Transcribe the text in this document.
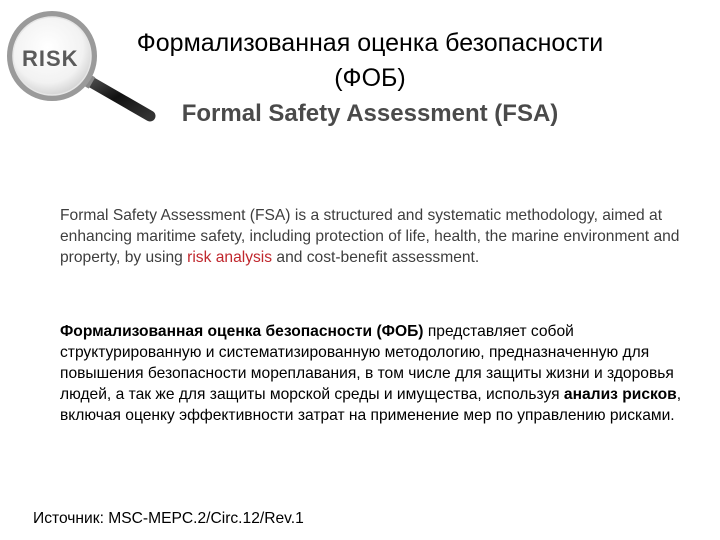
RISK
Формализованная оценка безопасности
(ФОБ)
Formal Safety Assessment (FSA)
Formal Safety Assessment (FSA) is a structured and systematic methodology, aimed at enhancing maritime safety, including protection of life, health, the marine environment and property, by using risk analysis and cost-benefit assessment.
Формализованная оценка безопасности (ФОБ) представляет собой структурированную и систематизированную методологию, предназначенную для повышения безопасности мореплавания, в том числе для защиты жизни и здоровья людей, а так же для защиты морской среды и имущества, используя анализ рисков, включая оценку эффективности затрат на применение мер по управлению рисками.
Источник: MSC-MEPC.2/Circ.12/Rev.1
